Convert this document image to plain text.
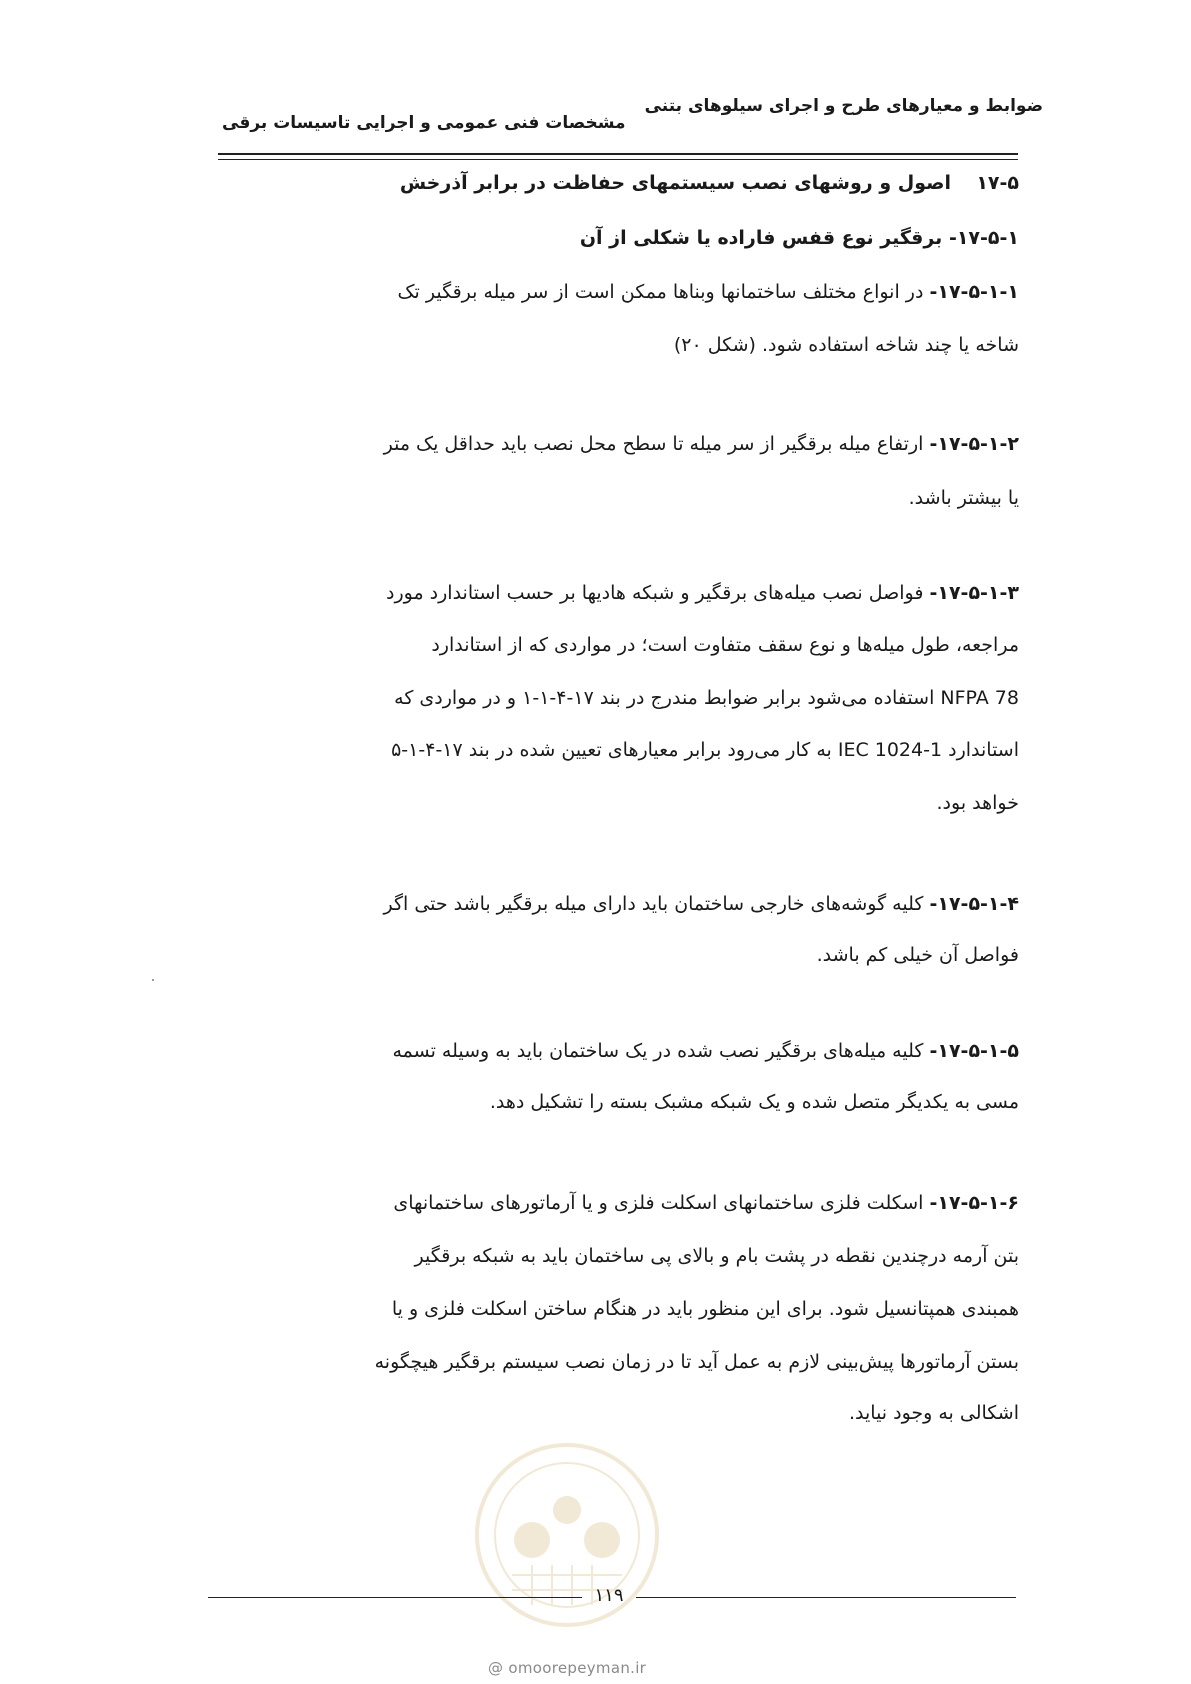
ضوابط و معیارهای طرح و اجرای سیلوهای بتنی
مشخصات فنی عمومی و اجرایی تاسیسات برقی
۱۷-۵  اصول و روشهای نصب سیستمهای حفاظت در برابر آذرخش
۱۷-۵-۱- برقگیر نوع قفس فاراده یا شکلی از آن
۱۷-۵-۱-۱- در انواع مختلف ساختمانها وبناها ممکن است از سر میله برقگیر تک
شاخه یا چند شاخه استفاده شود. (شکل ۲۰)
۱۷-۵-۱-۲- ارتفاع میله برقگیر از سر میله تا سطح محل نصب باید حداقل یک متر
یا بیشتر باشد.
۱۷-۵-۱-۳- فواصل نصب میله‌های برقگیر و شبکه هادیها بر حسب استاندارد مورد
مراجعه، طول میله‌ها و نوع سقف متفاوت است؛ در مواردی که از استاندارد
NFPA 78 استفاده می‌شود برابر ضوابط مندرج در بند ۱۷-۴-۱-۱ و در مواردی که
استاندارد IEC 1024-1 به کار می‌رود برابر معیارهای تعیین شده در بند ۱۷-۴-۱-۵
خواهد بود.
۱۷-۵-۱-۴- کلیه گوشه‌های خارجی ساختمان باید دارای میله برقگیر باشد حتی اگر
فواصل آن خیلی کم باشد.
۱۷-۵-۱-۵- کلیه میله‌های برقگیر نصب شده در یک ساختمان باید به وسیله تسمه
مسی به یکدیگر متصل شده و یک شبکه مشبک بسته را تشکیل دهد.
۱۷-۵-۱-۶- اسکلت فلزی ساختمانهای اسکلت فلزی و یا آرماتورهای ساختمانهای
بتن آرمه درچندین نقطه در پشت بام و بالای پی ساختمان باید به شبکه برقگیر
همبندی همپتانسیل شود. برای این منظور باید در هنگام ساختن اسکلت فلزی و یا
بستن آرماتورها پیش‌بینی لازم به عمل آید تا در زمان نصب سیستم برقگیر هیچگونه
اشکالی به وجود نیاید.
۱۱۹
@ omoorepeyman.ir
